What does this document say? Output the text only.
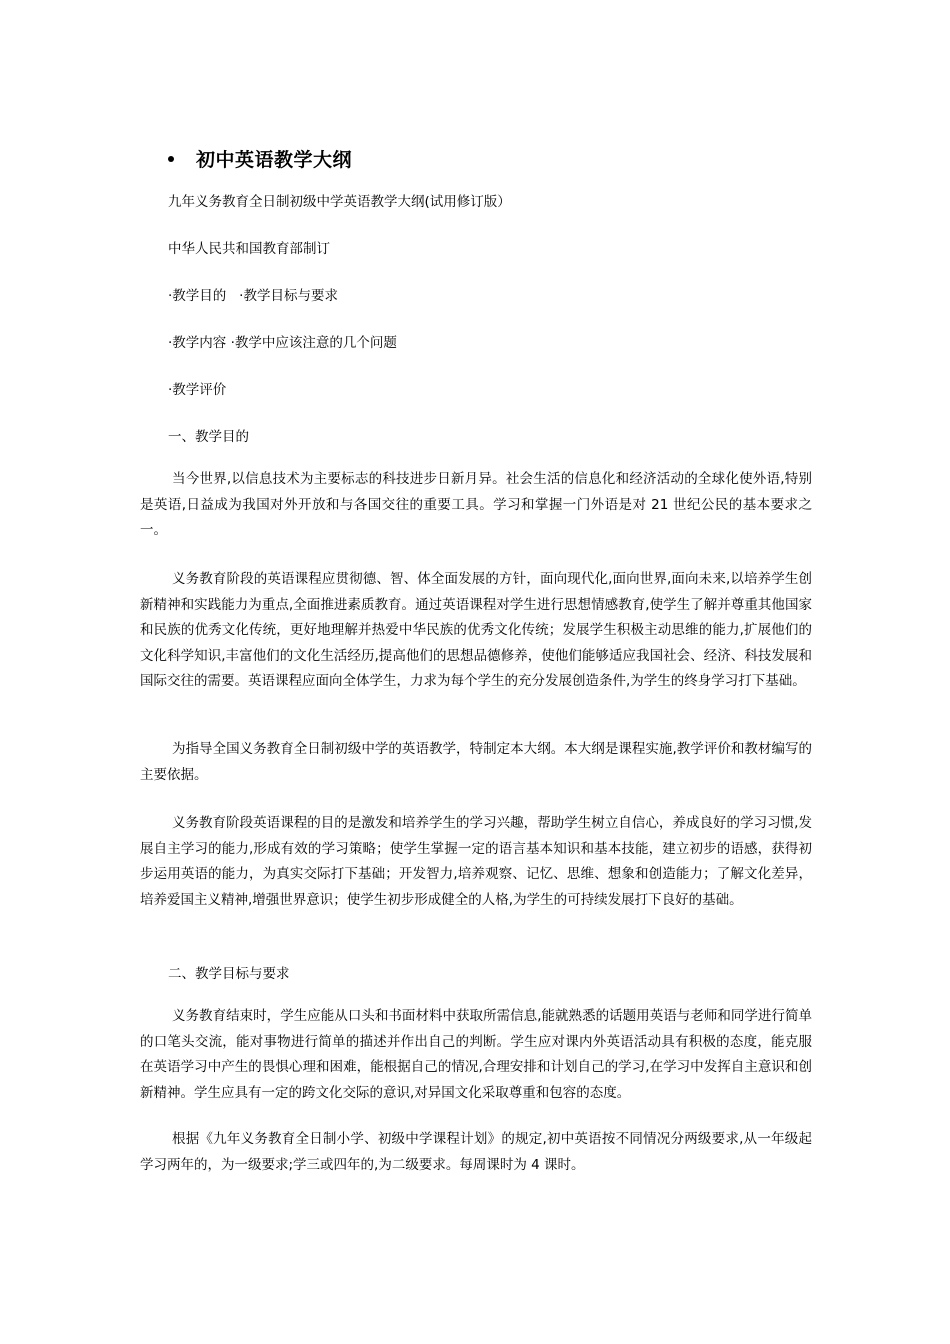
初中英语教学大纲
九年义务教育全日制初级中学英语教学大纲(试用修订版）
中华人民共和国教育部制订
·教学目的   ·教学目标与要求
·教学内容 ·教学中应该注意的几个问题
·教学评价
一、教学目的

当今世界,以信息技术为主要标志的科技进步日新月异。社会生活的信息化和经济活动的全球化使外语,特别是英语,日益成为我国对外开放和与各国交往的重要工具。学习和掌握一门外语是对 21 世纪公民的基本要求之一。

义务教育阶段的英语课程应贯彻德、智、体全面发展的方针，面向现代化,面向世界,面向未来,以培养学生创新精神和实践能力为重点,全面推进素质教育。通过英语课程对学生进行思想情感教育,使学生了解并尊重其他国家和民族的优秀文化传统，更好地理解并热爱中华民族的优秀文化传统；发展学生积极主动思维的能力,扩展他们的文化科学知识,丰富他们的文化生活经历,提高他们的思想品德修养，使他们能够适应我国社会、经济、科技发展和国际交往的需要。英语课程应面向全体学生，力求为每个学生的充分发展创造条件,为学生的终身学习打下基础。

为指导全国义务教育全日制初级中学的英语教学，特制定本大纲。本大纲是课程实施,教学评价和教材编写的主要依据。

义务教育阶段英语课程的目的是激发和培养学生的学习兴趣，帮助学生树立自信心，养成良好的学习习惯,发展自主学习的能力,形成有效的学习策略；使学生掌握一定的语言基本知识和基本技能，建立初步的语感，获得初步运用英语的能力，为真实交际打下基础；开发智力,培养观察、记忆、思维、想象和创造能力；了解文化差异，培养爱国主义精神,增强世界意识；使学生初步形成健全的人格,为学生的可持续发展打下良好的基础。

二、教学目标与要求

义务教育结束时，学生应能从口头和书面材料中获取所需信息,能就熟悉的话题用英语与老师和同学进行简单的口笔头交流，能对事物进行简单的描述并作出自己的判断。学生应对课内外英语活动具有积极的态度，能克服在英语学习中产生的畏惧心理和困难，能根据自己的情况,合理安排和计划自己的学习,在学习中发挥自主意识和创新精神。学生应具有一定的跨文化交际的意识,对异国文化采取尊重和包容的态度。

根据《九年义务教育全日制小学、初级中学课程计划》的规定,初中英语按不同情况分两级要求,从一年级起学习两年的，为一级要求;学三或四年的,为二级要求。每周课时为 4 课时。
